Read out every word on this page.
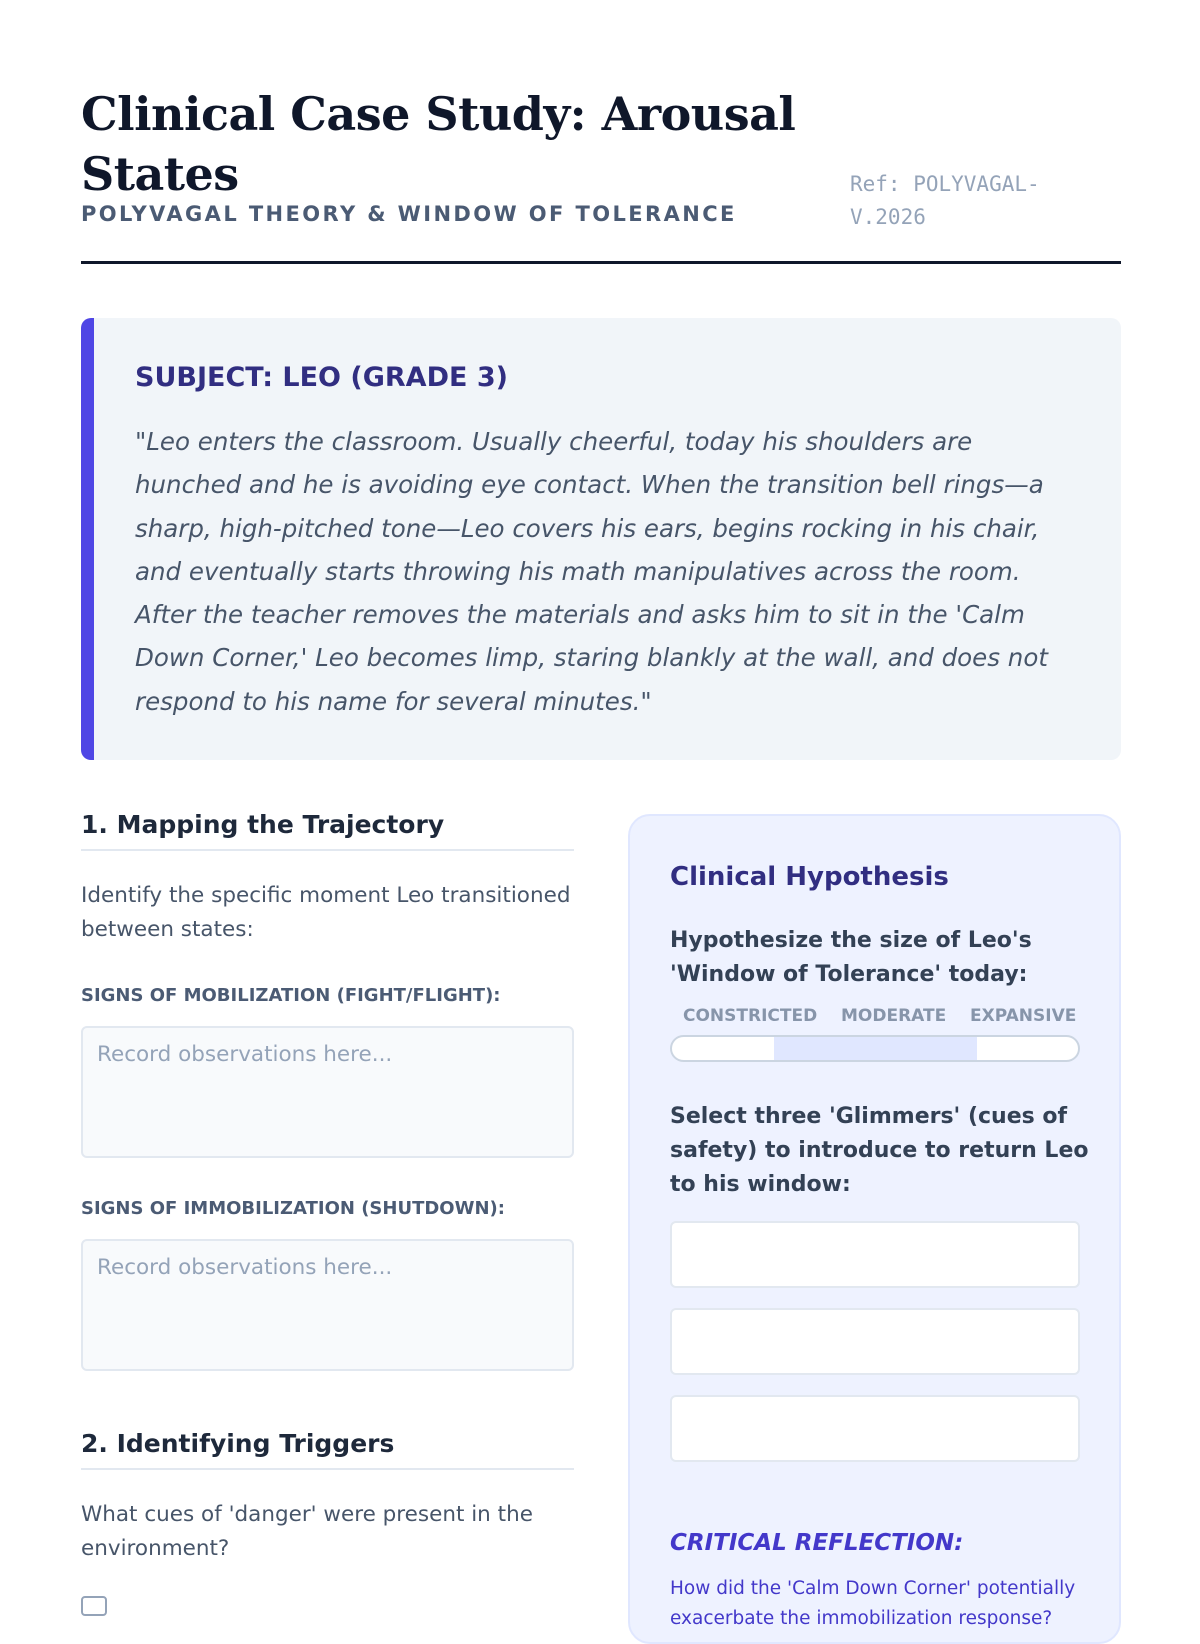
Clinical Case Study: Arousal States
POLYVAGAL THEORY & WINDOW OF TOLERANCE
Ref: POLYVAGAL-V.2026
SUBJECT: LEO (GRADE 3)

"Leo enters the classroom. Usually cheerful, today his shoulders are hunched and he is avoiding eye contact. When the transition bell rings—a sharp, high-pitched tone—Leo covers his ears, begins rocking in his chair, and eventually starts throwing his math manipulatives across the room. After the teacher removes the materials and asks him to sit in the 'Calm Down Corner,' Leo becomes limp, staring blankly at the wall, and does not respond to his name for several minutes."

1. Mapping the Trajectory

Identify the specific moment Leo transitioned between states:

SIGNS OF MOBILIZATION (FIGHT/FLIGHT):
Record observations here...
SIGNS OF IMMOBILIZATION (SHUTDOWN):
Record observations here...
2. Identifying Triggers

What cues of 'danger' were present in the environment?

Clinical Hypothesis
Hypothesize the size of Leo's 'Window of Tolerance' today:
CONSTRICTED MODERATE EXPANSIVE
Select three 'Glimmers' (cues of safety) to introduce to return Leo to his window:
CRITICAL REFLECTION:

How did the 'Calm Down Corner' potentially exacerbate the immobilization response?
